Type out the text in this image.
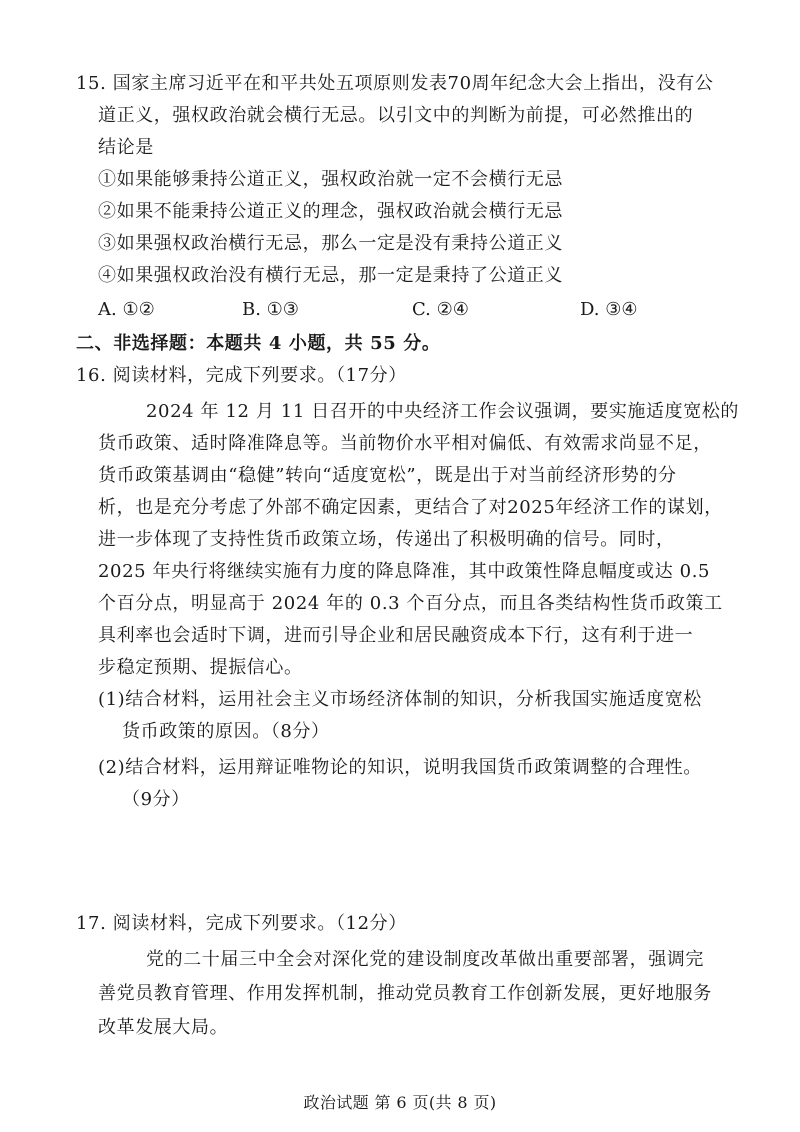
15. 国家主席习近平在和平共处五项原则发表70周年纪念大会上指出，没有公
道正义，强权政治就会横行无忌。以引文中的判断为前提，可必然推出的
结论是
①如果能够秉持公道正义，强权政治就一定不会横行无忌
②如果不能秉持公道正义的理念，强权政治就会横行无忌
③如果强权政治横行无忌，那么一定是没有秉持公道正义
④如果强权政治没有横行无忌，那一定是秉持了公道正义
A. ①②	B. ①③	C. ②④	D. ③④
二、非选择题：本题共 4 小题，共 55 分。
16. 阅读材料，完成下列要求。（17分）
2024 年 12 月 11 日召开的中央经济工作会议强调，要实施适度宽松的
货币政策、适时降准降息等。当前物价水平相对偏低、有效需求尚显不足，
货币政策基调由“稳健”转向“适度宽松”，既是出于对当前经济形势的分
析，也是充分考虑了外部不确定因素，更结合了对2025年经济工作的谋划，
进一步体现了支持性货币政策立场，传递出了积极明确的信号。同时，
2025 年央行将继续实施有力度的降息降准，其中政策性降息幅度或达 0.5
个百分点，明显高于 2024 年的 0.3 个百分点，而且各类结构性货币政策工
具利率也会适时下调，进而引导企业和居民融资成本下行，这有利于进一
步稳定预期、提振信心。
(1)结合材料，运用社会主义市场经济体制的知识，分析我国实施适度宽松
货币政策的原因。（8分）
(2)结合材料，运用辩证唯物论的知识，说明我国货币政策调整的合理性。
（9分）
17. 阅读材料，完成下列要求。（12分）
党的二十届三中全会对深化党的建设制度改革做出重要部署，强调完
善党员教育管理、作用发挥机制，推动党员教育工作创新发展，更好地服务
改革发展大局。
政治试题 第 6 页(共 8 页)
